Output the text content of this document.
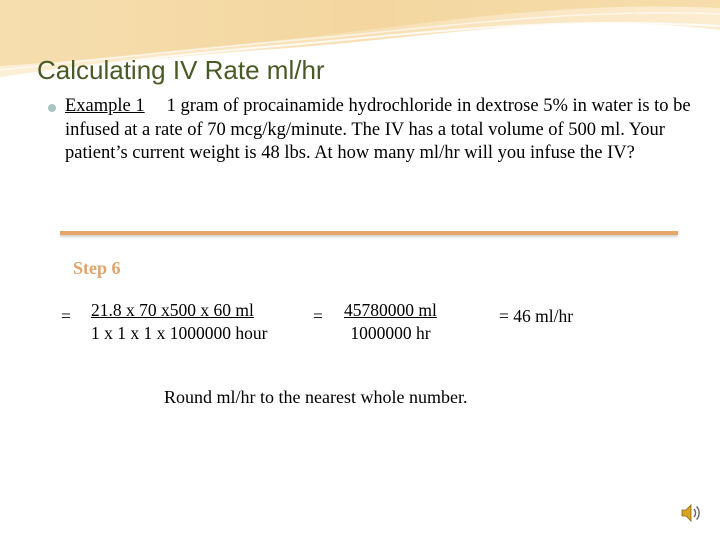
Calculating IV Rate ml/hr
Example 1 1 gram of procainamide hydrochloride in dextrose 5% in water is to be infused at a rate of 70 mcg/kg/minute. The IV has a total volume of 500 ml. Your patient’s current weight is 48 lbs. At how many ml/hr will you infuse the IV?
Step 6
= 21.8 x 70 x500 x 60 ml
1 x 1 x 1 x 1000000 hour
= $\frac{45780000 ml}{1000000 hr}$	= 46 ml/hr
Round ml/hr to the nearest whole number.
